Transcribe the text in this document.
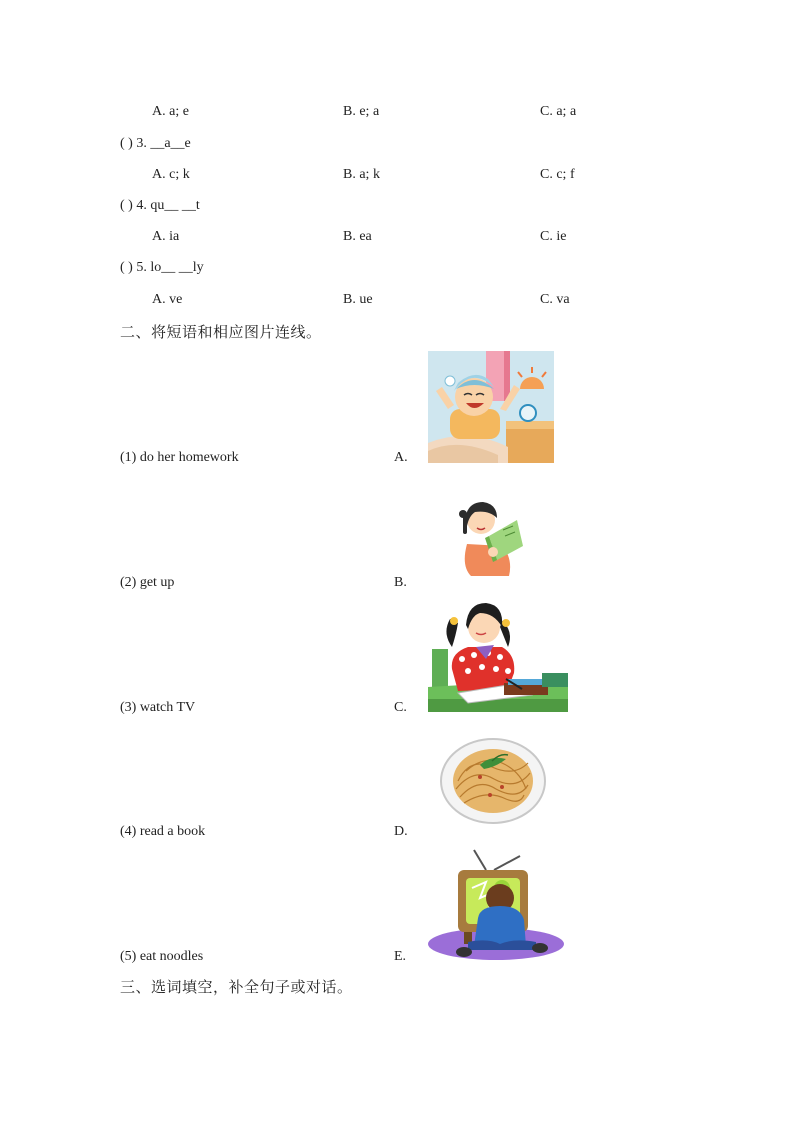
A. a; e	B. e; a	C. a; a
( ) 3. __a__e
A. c; k	B. a; k	C. c; f
( ) 4. qu__ __t
A. ia	B. ea	C. ie
( ) 5. lo__ __ly
A. ve	B. ue	C. va
二、将短语和相应图片连线。
(1) do her homework	A.
(2) get up	B.
(3) watch TV	C.
(4) read a book	D.
(5) eat noodles	E.
三、选词填空，补全句子或对话。
